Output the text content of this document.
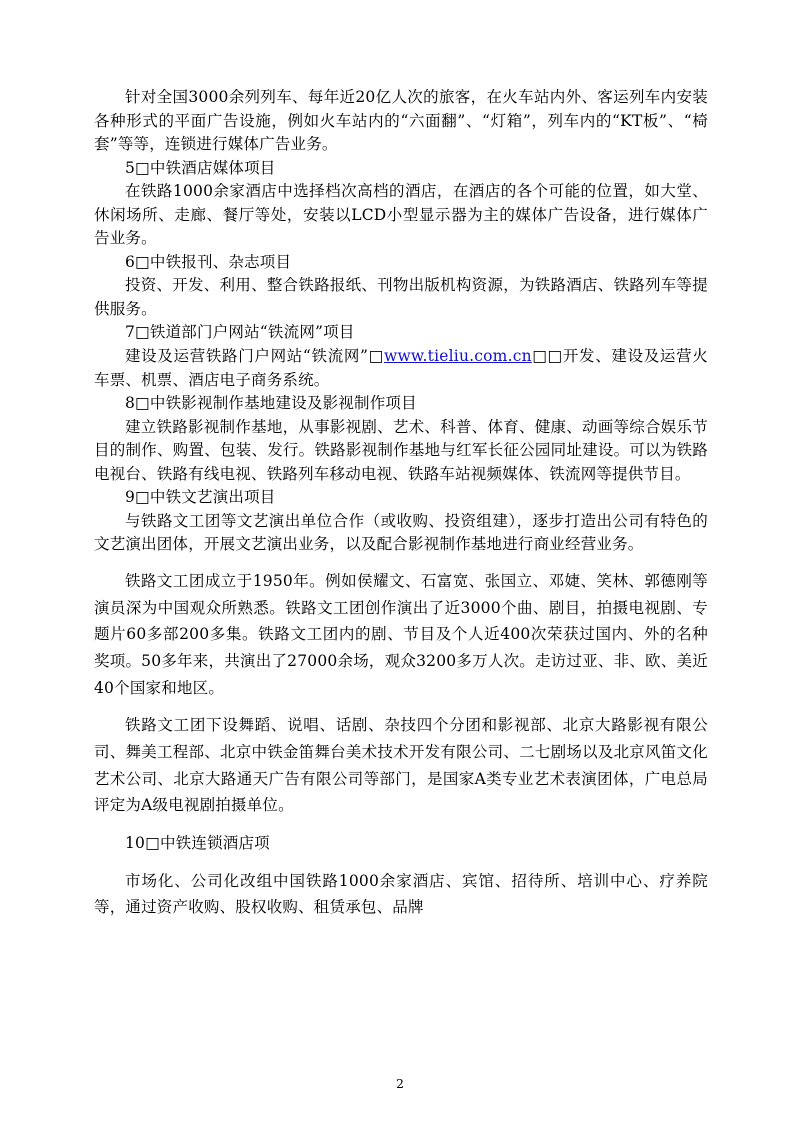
针对全国3000余列列车、每年近20亿人次的旅客，在火车站内外、客运列车内安装各种形式的平面广告设施，例如火车站内的“六面翻”、“灯箱”，列车内的“KT板”、“椅套”等等，连锁进行媒体广告业务。

5□中铁酒店媒体项目

在铁路1000余家酒店中选择档次高档的酒店，在酒店的各个可能的位置，如大堂、休闲场所、走廊、餐厅等处，安装以LCD小型显示器为主的媒体广告设备，进行媒体广告业务。

6□中铁报刊、杂志项目

投资、开发、利用、整合铁路报纸、刊物出版机构资源，为铁路酒店、铁路列车等提供服务。

7□铁道部门户网站“铁流网”项目

建设及运营铁路门户网站“铁流网”□www.tieliu.com.cn□□开发、建设及运营火车票、机票、酒店电子商务系统。

8□中铁影视制作基地建设及影视制作项目

建立铁路影视制作基地，从事影视剧、艺术、科普、体育、健康、动画等综合娱乐节目的制作、购置、包装、发行。铁路影视制作基地与红军长征公园同址建设。可以为铁路电视台、铁路有线电视、铁路列车移动电视、铁路车站视频媒体、铁流网等提供节目。

9□中铁文艺演出项目

与铁路文工团等文艺演出单位合作（或收购、投资组建），逐步打造出公司有特色的文艺演出团体，开展文艺演出业务，以及配合影视制作基地进行商业经营业务。

铁路文工团成立于1950年。例如侯耀文、石富宽、张国立、邓婕、笑林、郭德刚等演员深为中国观众所熟悉。铁路文工团创作演出了近3000个曲、剧目，拍摄电视剧、专题片60多部200多集。铁路文工团内的剧、节目及个人近400次荣获过国内、外的名种奖项。50多年来，共演出了27000余场，观众3200多万人次。走访过亚、非、欧、美近40个国家和地区。

铁路文工团下设舞蹈、说唱、话剧、杂技四个分团和影视部、北京大路影视有限公司、舞美工程部、北京中铁金笛舞台美术技术开发有限公司、二七剧场以及北京风笛文化艺术公司、北京大路通天广告有限公司等部门，是国家A类专业艺术表演团体，广电总局评定为A级电视剧拍摄单位。

10□中铁连锁酒店项

市场化、公司化改组中国铁路1000余家酒店、宾馆、招待所、培训中心、疗养院等，通过资产收购、股权收购、租赁承包、品牌

2
